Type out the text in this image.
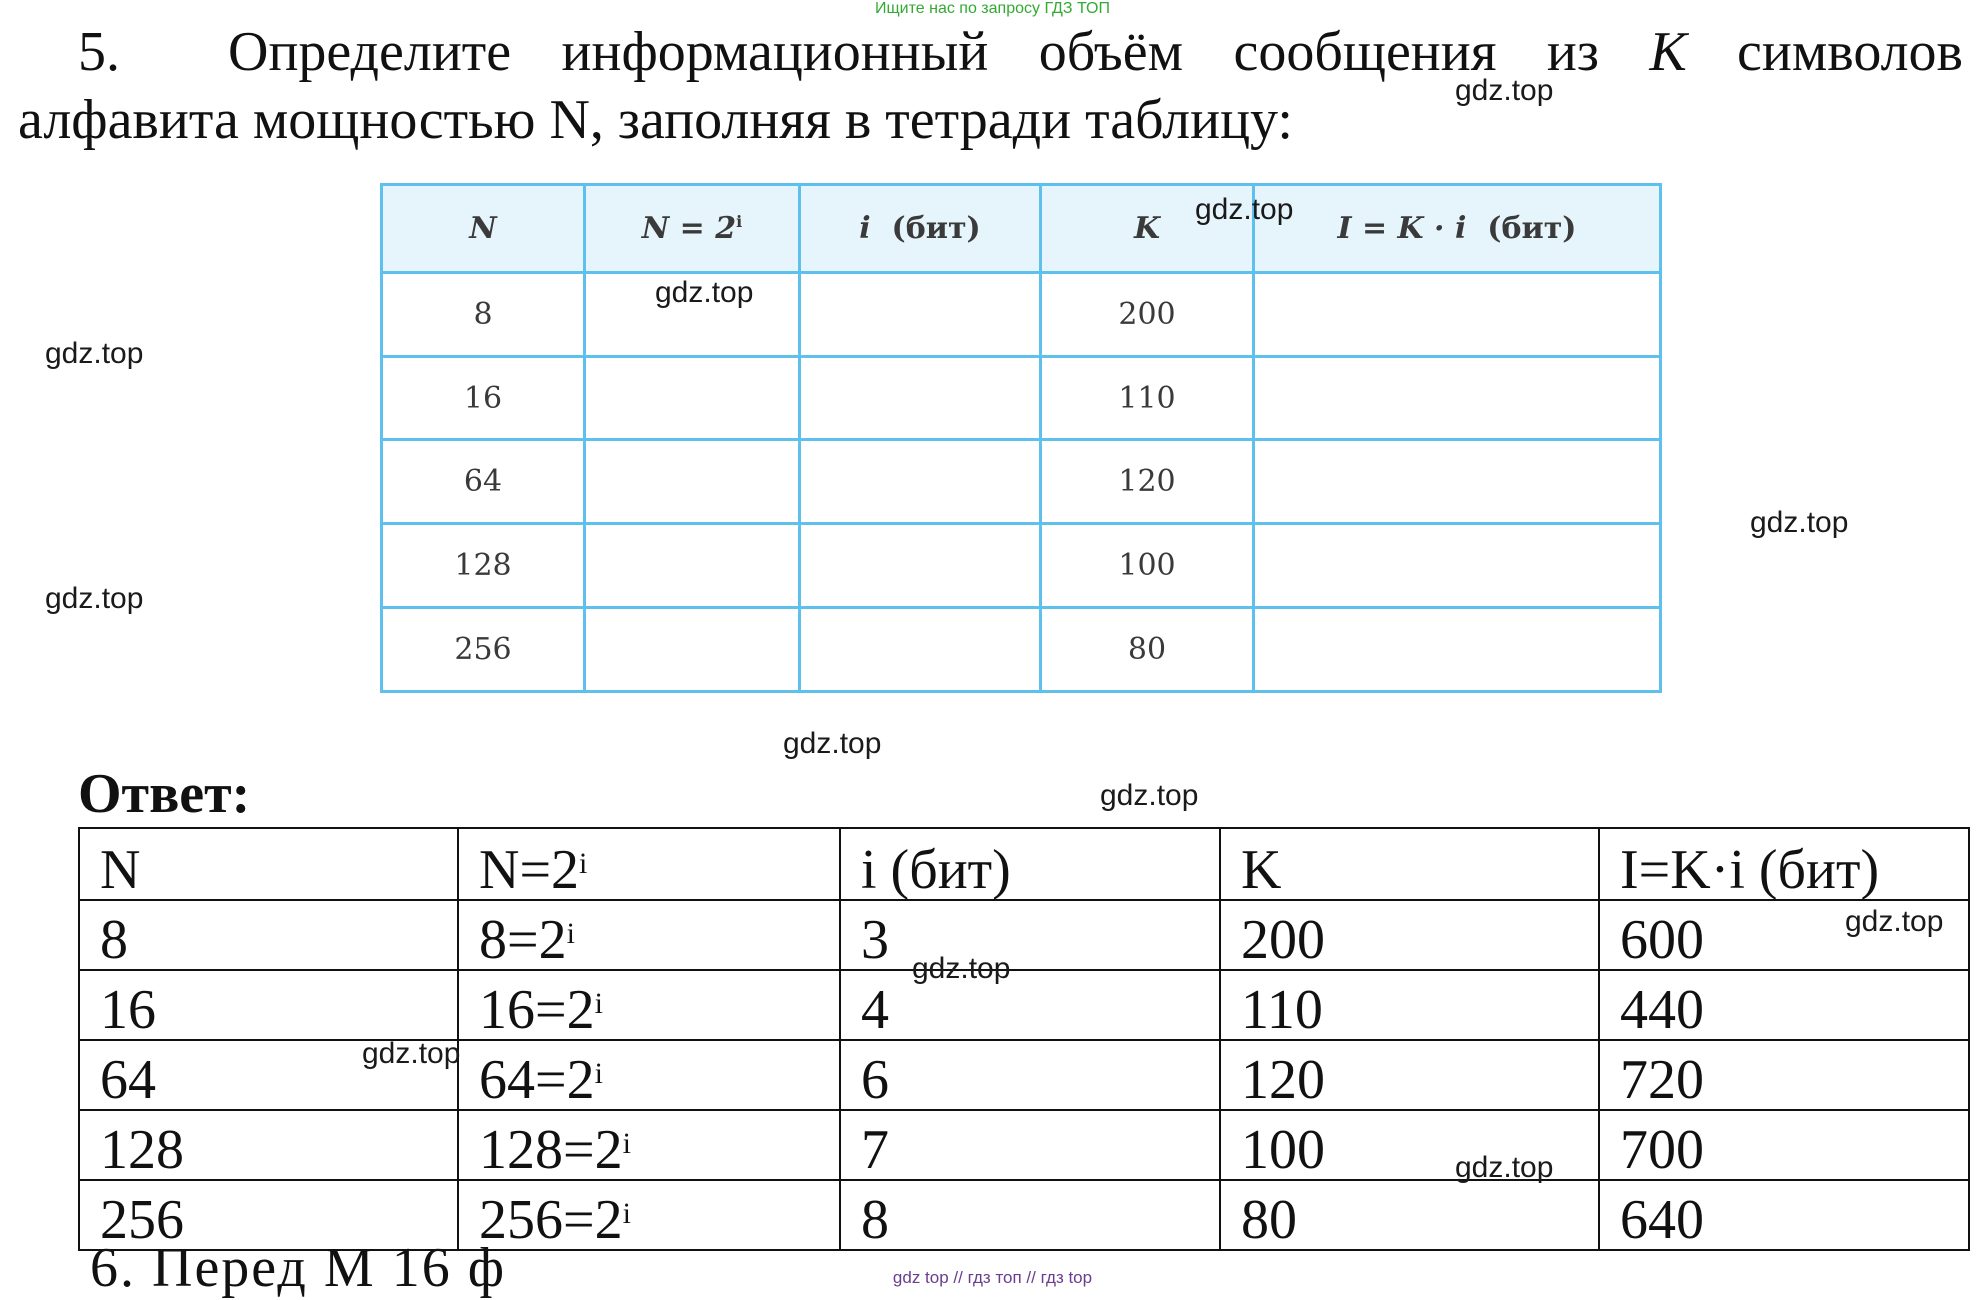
Ищите нас по запросу ГДЗ ТОП
5.	Определите информационный объём сообщения из К символов
алфавита мощностью N, заполняя в тетради таблицу:
N	$N = 2^i$	i (бит)	K	I = K · i (бит)
8			200	
16			110	
64			120	
128			100	
256			80	
Ответ:
N	$N=2^i$	i (бит)	K	I=K·i (бит)
8	$8=2^i$	3	200	600
16	$16=2^i$	4	110	440
64	$64=2^i$	6	120	720
128	$128=2^i$	7	100	700
256	$256=2^i$	8	80	640
gdz.top
gdz.top
gdz.top
gdz.top
gdz.top
gdz.top
gdz.top
gdz.top
gdz.top
gdz.top
gdz.top
gdz.top
6. Перед М 16 ф	gdz top // гдз топ // гдз top
